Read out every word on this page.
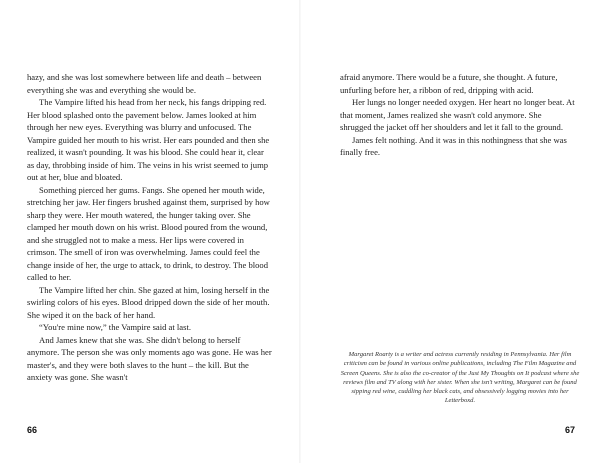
hazy, and she was lost somewhere between life and death – between everything she was and everything she would be.

The Vampire lifted his head from her neck, his fangs dripping red. Her blood splashed onto the pavement below. James looked at him through her new eyes. Everything was blurry and unfocused. The Vampire guided her mouth to his wrist. Her ears pounded and then she realized, it wasn't pounding. It was his blood. She could hear it, clear as day, throbbing inside of him. The veins in his wrist seemed to jump out at her, blue and bloated.

Something pierced her gums. Fangs. She opened her mouth wide, stretching her jaw. Her fingers brushed against them, surprised by how sharp they were. Her mouth watered, the hunger taking over. She clamped her mouth down on his wrist. Blood poured from the wound, and she struggled not to make a mess. Her lips were covered in crimson. The smell of iron was overwhelming. James could feel the change inside of her, the urge to attack, to drink, to destroy. The blood called to her.

The Vampire lifted her chin. She gazed at him, losing herself in the swirling colors of his eyes. Blood dripped down the side of her mouth. She wiped it on the back of her hand.

“You're mine now,” the Vampire said at last.

And James knew that she was. She didn't belong to herself anymore. The person she was only moments ago was gone. He was her master's, and they were both slaves to the hunt – the kill. But the anxiety was gone. She wasn't

66

afraid anymore. There would be a future, she thought. A future, unfurling before her, a ribbon of red, dripping with acid.

Her lungs no longer needed oxygen. Her heart no longer beat. At that moment, James realized she wasn't cold anymore. She shrugged the jacket off her shoulders and let it fall to the ground.

James felt nothing. And it was in this nothingness that she was finally free.

Margaret Roarty is a writer and actress currently residing in Pennsylvania. Her film criticism can be found in various online publications, including The Film Magazine and Screen Queens. She is also the co-creator of the Just My Thoughts on It podcast where she reviews film and TV along with her sister. When she isn't writing, Margaret can be found sipping red wine, cuddling her black cats, and obsessively logging movies into her Letterboxd.
67
